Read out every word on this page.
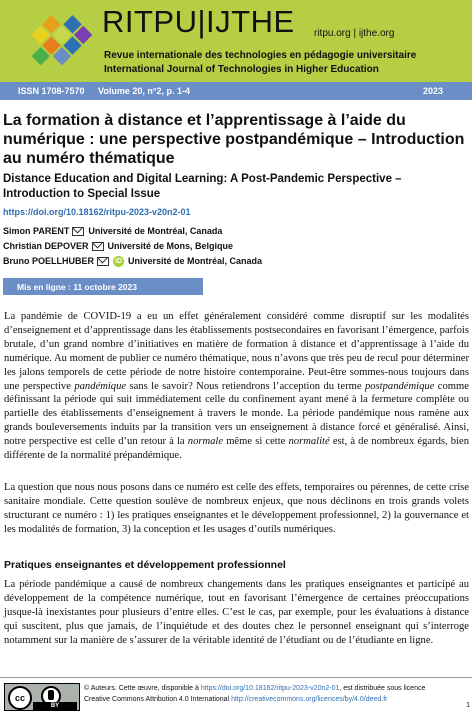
RITPU|IJTHE ritpu.org | ijthe.org
Revue internationale des technologies en pédagogie universitaire
International Journal of Technologies in Higher Education
ISSN 1708-7570 Volume 20, n°2, p. 1-4	2023
La formation à distance et l’apprentissage à l’aide du numérique : une perspective postpandémique – Introduction au numéro thématique
Distance Education and Digital Learning: A Post-Pandemic Perspective – Introduction to Special Issue
https://doi.org/10.18162/ritpu-2023-v20n2-01
Simon PARENT Université de Montréal, Canada
Christian DEPOVER Université de Mons, Belgique
Bruno POELLHUBER	iD Université de Montréal, Canada
Mis en ligne : 11 octobre 2023

La pandémie de COVID-19 a eu un effet généralement considéré comme disruptif sur les modalités d’enseignement et d’apprentissage dans les établissements postsecondaires en favorisant l’émergence, parfois brutale, d’un grand nombre d’initiatives en matière de formation à distance et d’apprentissage à l’aide du numérique. Au moment de publier ce numéro thématique, nous n’avons que très peu de recul pour déterminer les jalons temporels de cette période de notre histoire contemporaine. Peut-être sommes-nous toujours dans une perspective pandémique sans le savoir? Nous retiendrons l’acception du terme postpandémique comme définissant la période qui suit immédiatement celle du confinement ayant mené à la fermeture complète ou partielle des établissements d’enseignement à travers le monde. La période pandémique nous ramène aux grands bouleversements induits par la transition vers un enseignement à distance forcé et généralisé. Ainsi, notre perspective est celle d’un retour à la normale même si cette normalité est, à de nombreux égards, bien différente de la normalité prépandémique.

La question que nous nous posons dans ce numéro est celle des effets, temporaires ou pérennes, de cette crise sanitaire mondiale. Cette question soulève de nombreux enjeux, que nous déclinons en trois grands volets structurant ce numéro : 1) les pratiques enseignantes et le développement professionnel, 2) la gouvernance et les modalités de formation, 3) la conception et les usages d’outils numériques.

Pratiques enseignantes et développement professionnel

La période pandémique a causé de nombreux changements dans les pratiques enseignantes et participé au développement de la compétence numérique, tout en favorisant l’émergence de certaines préoccupations jusque-là inexistantes pour plusieurs d’entre elles. C’est le cas, par exemple, pour les évaluations à distance qui suscitent, plus que jamais, de l’inquiétude et des doutes chez le personnel enseignant qui s’interroge notamment sur la manière de s’assurer de la véritable identité de l’étudiant ou de l’étudiante en ligne.

cc
BY
© Auteurs. Cette œuvre, disponible à https://doi.org/10.18162/ritpu-2023-v20n2-01, est distribuée sous licence
Creative Commons Attribution 4.0 International http://creativecommons.org/licences/by/4.0/deed.fr
1
